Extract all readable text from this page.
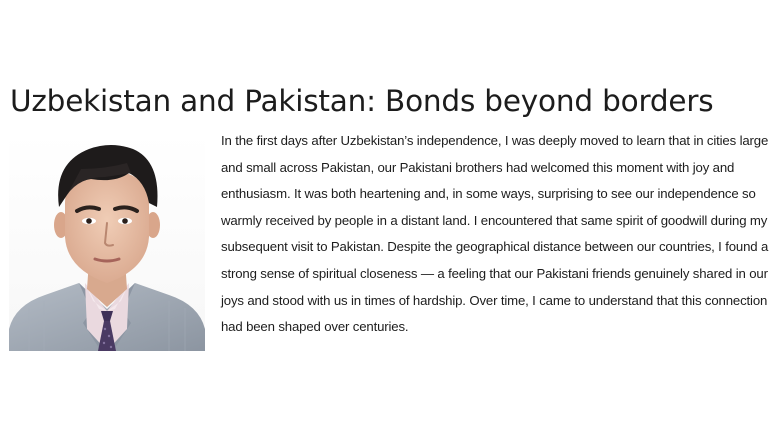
Uzbekistan and Pakistan: Bonds beyond borders

In the first days after Uzbekistan’s independence, I was deeply moved to learn that in cities large and small across Pakistan, our Pakistani brothers had welcomed this moment with joy and enthusiasm. It was both heartening and, in some ways, surprising to see our independence so warmly received by people in a distant land. I encountered that same spirit of goodwill during my subsequent visit to Pakistan. Despite the geographical distance between our countries, I found a strong sense of spiritual closeness — a feeling that our Pakistani friends genuinely shared in our joys and stood with us in times of hardship. Over time, I came to understand that this connection had been shaped over centuries.
